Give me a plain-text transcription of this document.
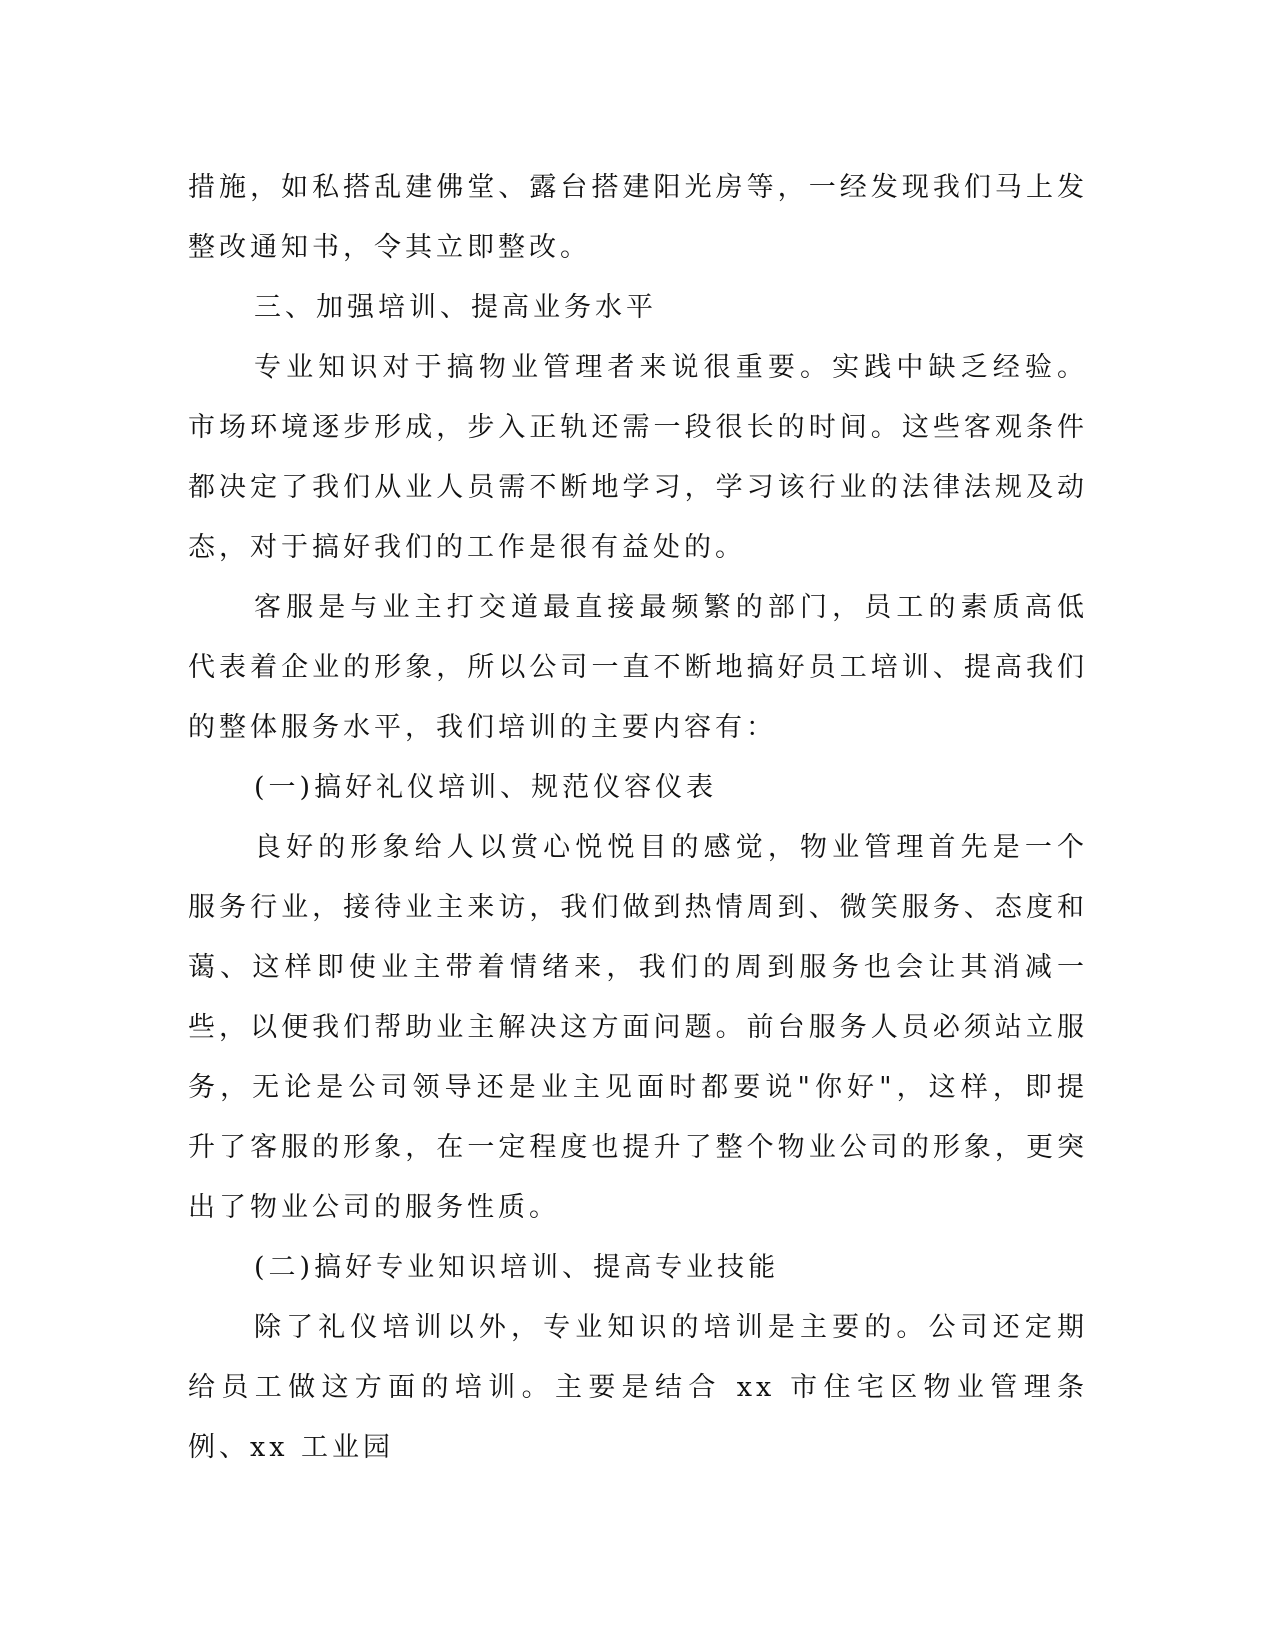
措施，如私搭乱建佛堂、露台搭建阳光房等，一经发现我们马上发整改通知书，令其立即整改。

三、加强培训、提高业务水平

专业知识对于搞物业管理者来说很重要。实践中缺乏经验。市场环境逐步形成，步入正轨还需一段很长的时间。这些客观条件都决定了我们从业人员需不断地学习，学习该行业的法律法规及动态，对于搞好我们的工作是很有益处的。

客服是与业主打交道最直接最频繁的部门，员工的素质高低代表着企业的形象，所以公司一直不断地搞好员工培训、提高我们的整体服务水平，我们培训的主要内容有：

(一)搞好礼仪培训、规范仪容仪表

良好的形象给人以赏心悦悦目的感觉，物业管理首先是一个服务行业，接待业主来访，我们做到热情周到、微笑服务、态度和蔼、这样即使业主带着情绪来，我们的周到服务也会让其消减一些，以便我们帮助业主解决这方面问题。前台服务人员必须站立服务，无论是公司领导还是业主见面时都要说"你好"，这样，即提升了客服的形象，在一定程度也提升了整个物业公司的形象，更突出了物业公司的服务性质。

(二)搞好专业知识培训、提高专业技能

除了礼仪培训以外，专业知识的培训是主要的。公司还定期给员工做这方面的培训。主要是结合 xx 市住宅区物业管理条例、xx 工业园
